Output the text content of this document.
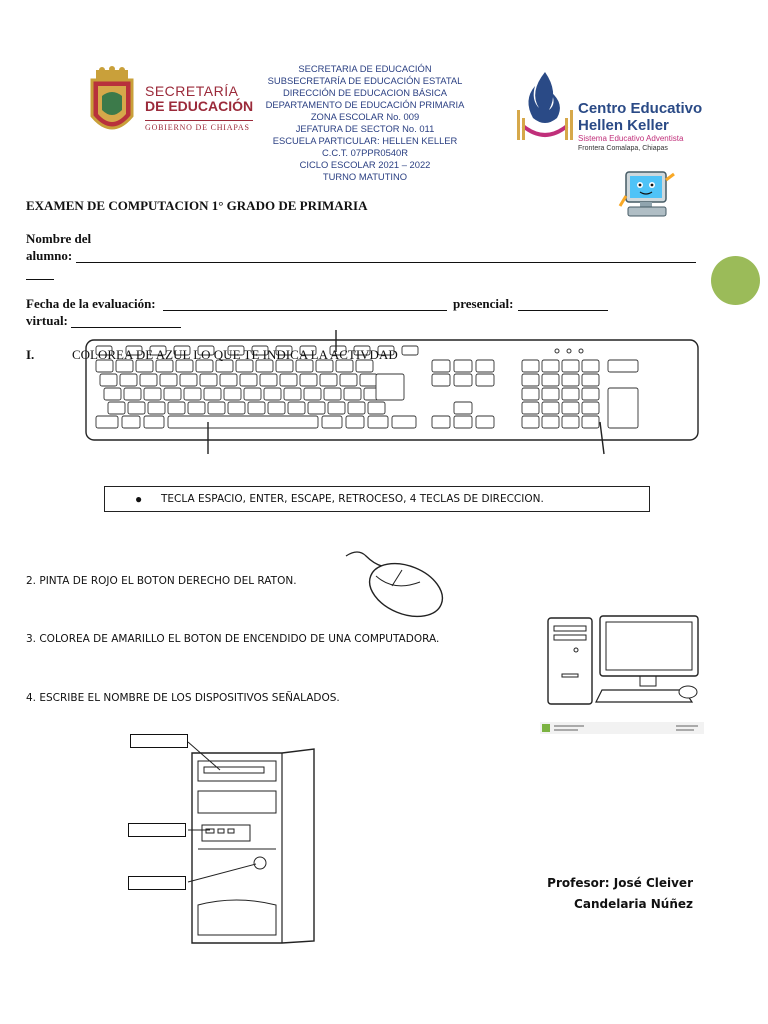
SECRETARÍA
DE EDUCACIÓN
GOBIERNO DE CHIAPAS
SECRETARIA DE EDUCACIÓN
SUBSECRETARÍA DE EDUCACIÓN ESTATAL
DIRECCIÓN DE EDUCACION BÁSICA
DEPARTAMENTO DE EDUCACIÓN PRIMARIA
ZONA ESCOLAR No. 009
JEFATURA DE SECTOR No. 011
ESCUELA PARTICULAR: HELLEN KELLER
C.C.T. 07PPR0540R
CICLO ESCOLAR 2021 – 2022
TURNO MATUTINO
Centro Educativo
Hellen Keller
Sistema Educativo Adventista
Frontera Comalapa, Chiapas
EXAMEN DE COMPUTACION 1° GRADO DE PRIMARIA
Nombre del
alumno:
Fecha de la evaluación:	presencial:
virtual:
I.	COLOREA DE AZUL LO QUE TE INDICA LA ACTIVDAD
● TECLA ESPACIO, ENTER, ESCAPE, RETROCESO, 4 TECLAS DE DIRECCION.
2. PINTA DE ROJO EL BOTON DERECHO DEL RATON.
3. COLOREA DE AMARILLO EL BOTON DE ENCENDIDO DE UNA COMPUTADORA.
4. ESCRIBE EL NOMBRE DE LOS DISPOSITIVOS SEÑALADOS.
Profesor: José Cleiver
Candelaria Núñez
